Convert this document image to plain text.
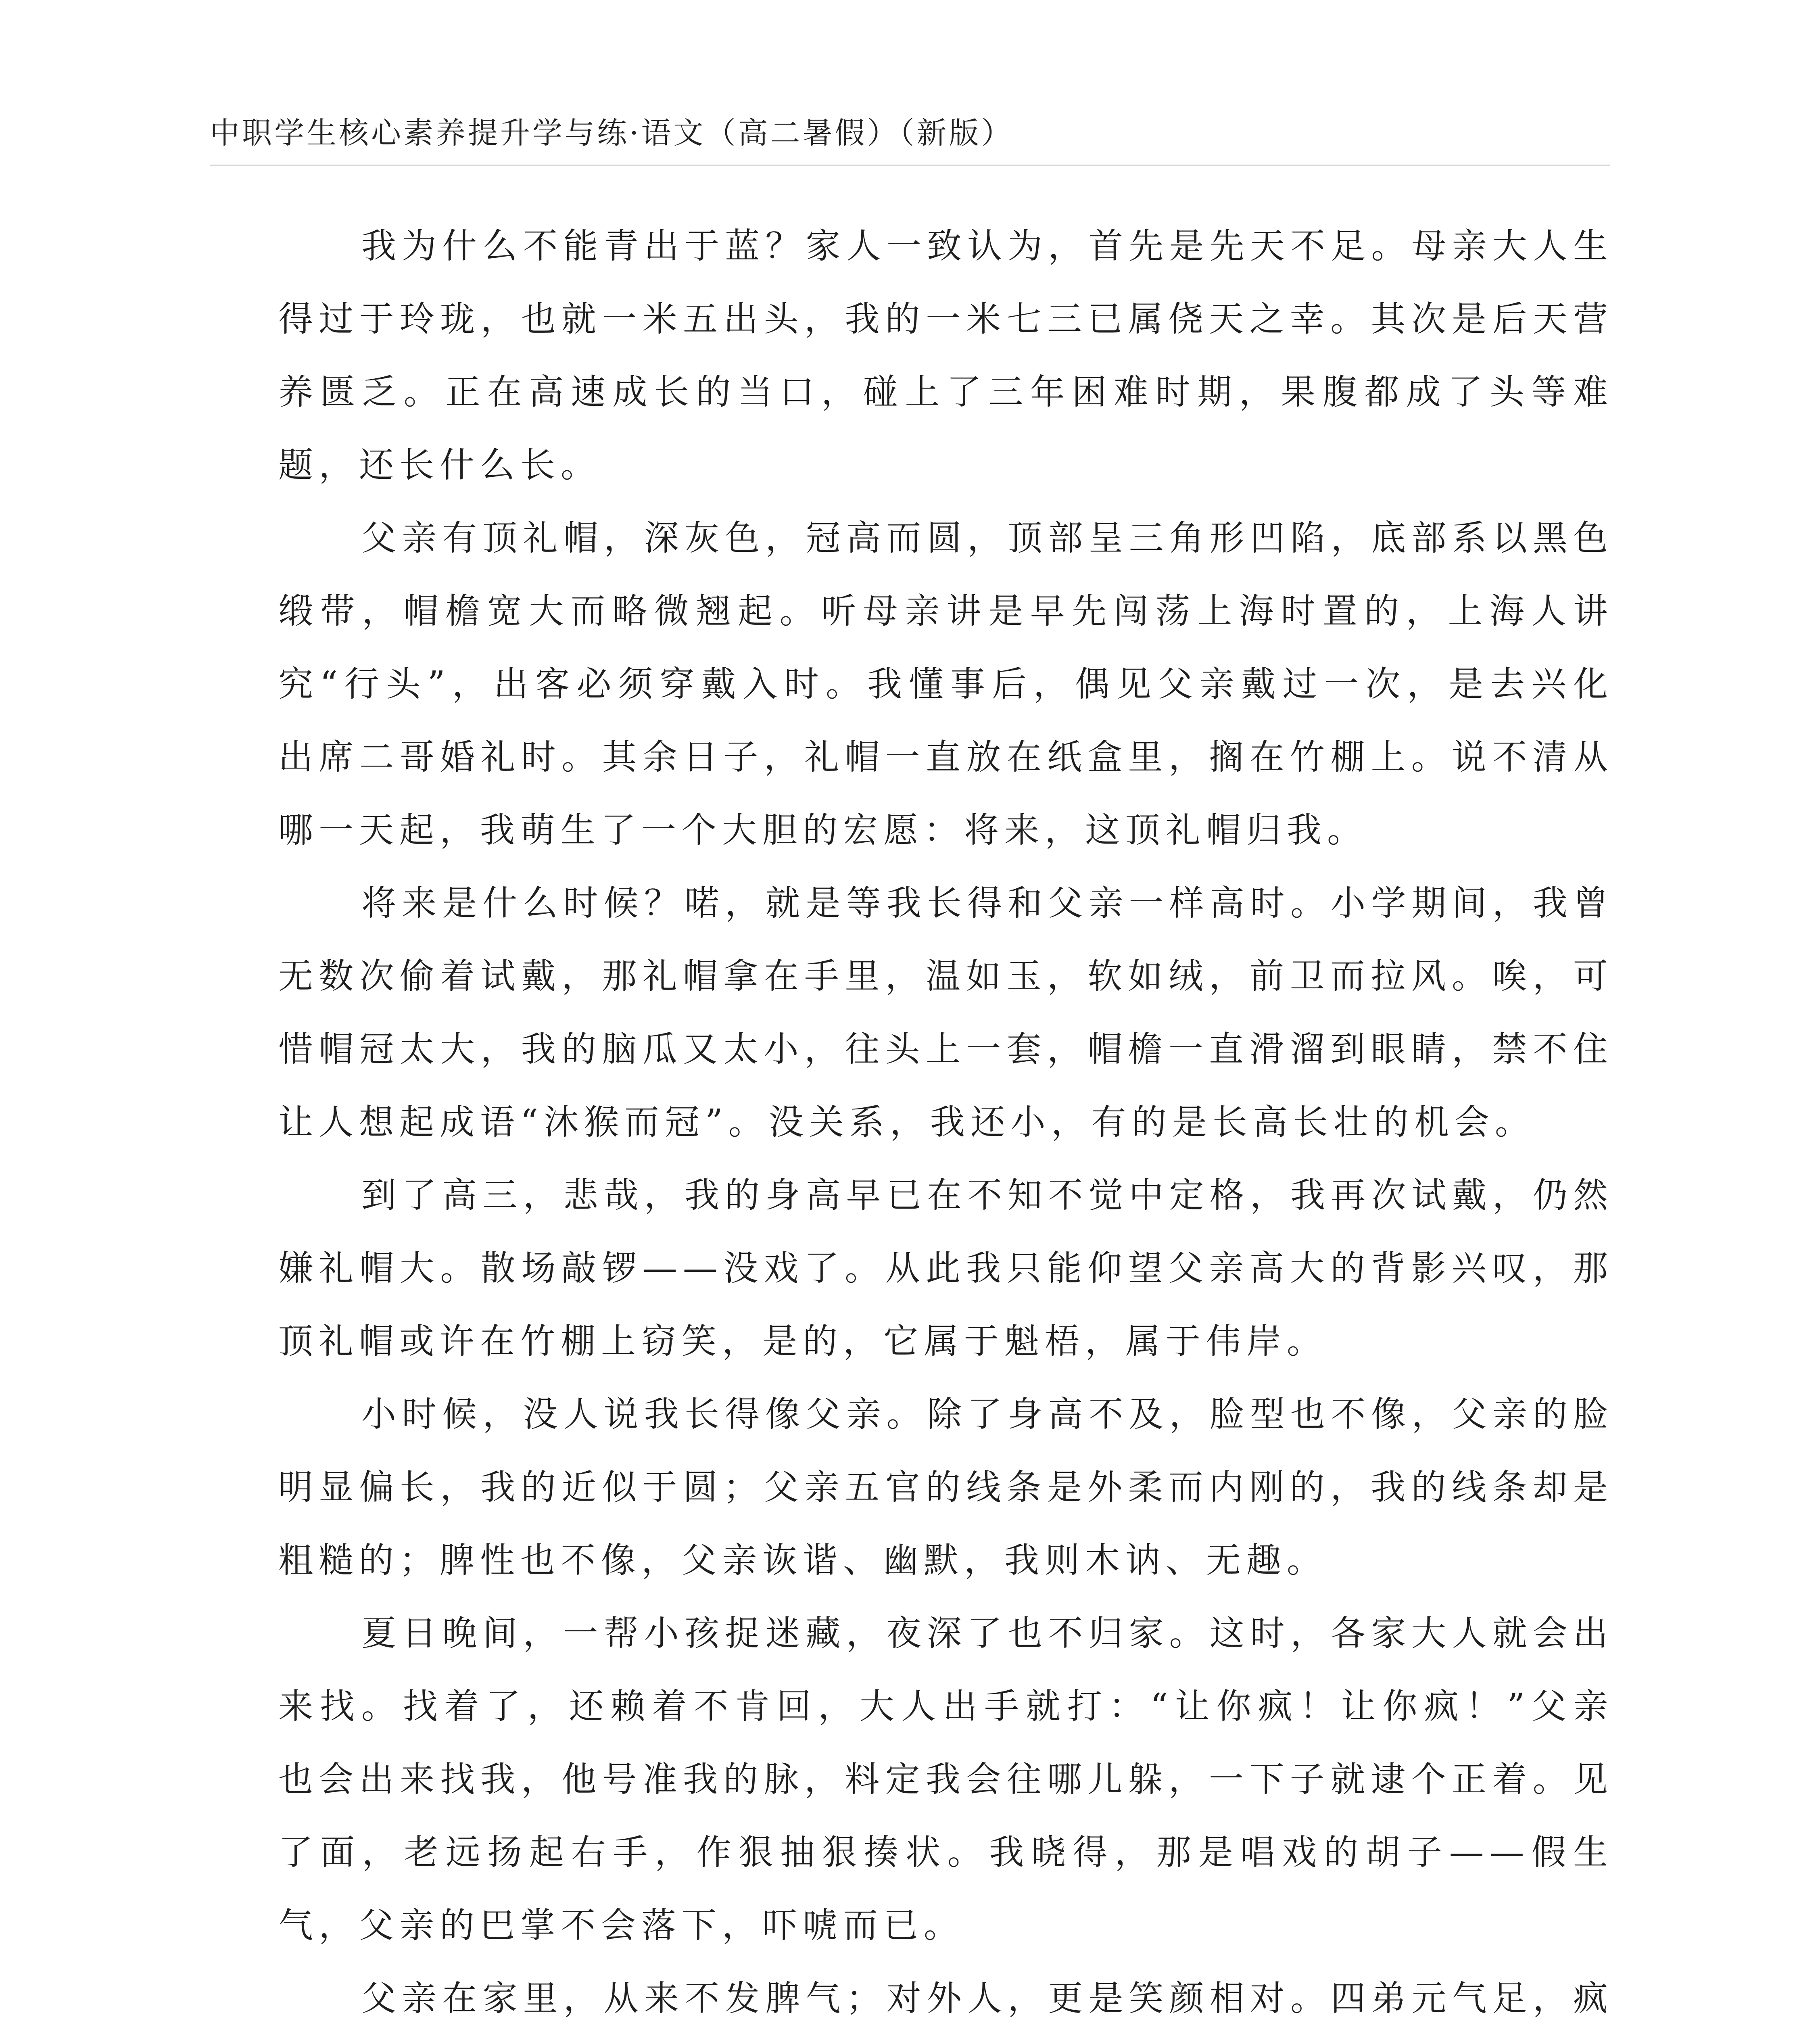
中职学生核心素养提升学与练·语文（高二暑假）（新版）

我为什么不能青出于蓝？家人一致认为，首先是先天不足。母亲大人生得过于玲珑，也就一米五出头，我的一米七三已属侥天之幸。其次是后天营养匮乏。正在高速成长的当口，碰上了三年困难时期，果腹都成了头等难题，还长什么长。

父亲有顶礼帽，深灰色，冠高而圆，顶部呈三角形凹陷，底部系以黑色缎带，帽檐宽大而略微翘起。听母亲讲是早先闯荡上海时置的，上海人讲究“行头”，出客必须穿戴入时。我懂事后，偶见父亲戴过一次，是去兴化出席二哥婚礼时。其余日子，礼帽一直放在纸盒里，搁在竹棚上。说不清从哪一天起，我萌生了一个大胆的宏愿：将来，这顶礼帽归我。

将来是什么时候？喏，就是等我长得和父亲一样高时。小学期间，我曾无数次偷着试戴，那礼帽拿在手里，温如玉，软如绒，前卫而拉风。唉，可惜帽冠太大，我的脑瓜又太小，往头上一套，帽檐一直滑溜到眼睛，禁不住让人想起成语“沐猴而冠”。没关系，我还小，有的是长高长壮的机会。

到了高三，悲哉，我的身高早已在不知不觉中定格，我再次试戴，仍然嫌礼帽大。散场敲锣——没戏了。从此我只能仰望父亲高大的背影兴叹，那顶礼帽或许在竹棚上窃笑，是的，它属于魁梧，属于伟岸。

小时候，没人说我长得像父亲。除了身高不及，脸型也不像，父亲的脸明显偏长，我的近似于圆；父亲五官的线条是外柔而内刚的，我的线条却是粗糙的；脾性也不像，父亲诙谐、幽默，我则木讷、无趣。

夏日晚间，一帮小孩捉迷藏，夜深了也不归家。这时，各家大人就会出来找。找着了，还赖着不肯回，大人出手就打：“让你疯！让你疯！”父亲也会出来找我，他号准我的脉，料定我会往哪儿躲，一下子就逮个正着。见了面，老远扬起右手，作狠抽狠揍状。我晓得，那是唱戏的胡子——假生气，父亲的巴掌不会落下，吓唬而已。

父亲在家里，从来不发脾气；对外人，更是笑颜相对。四弟元气足，疯
